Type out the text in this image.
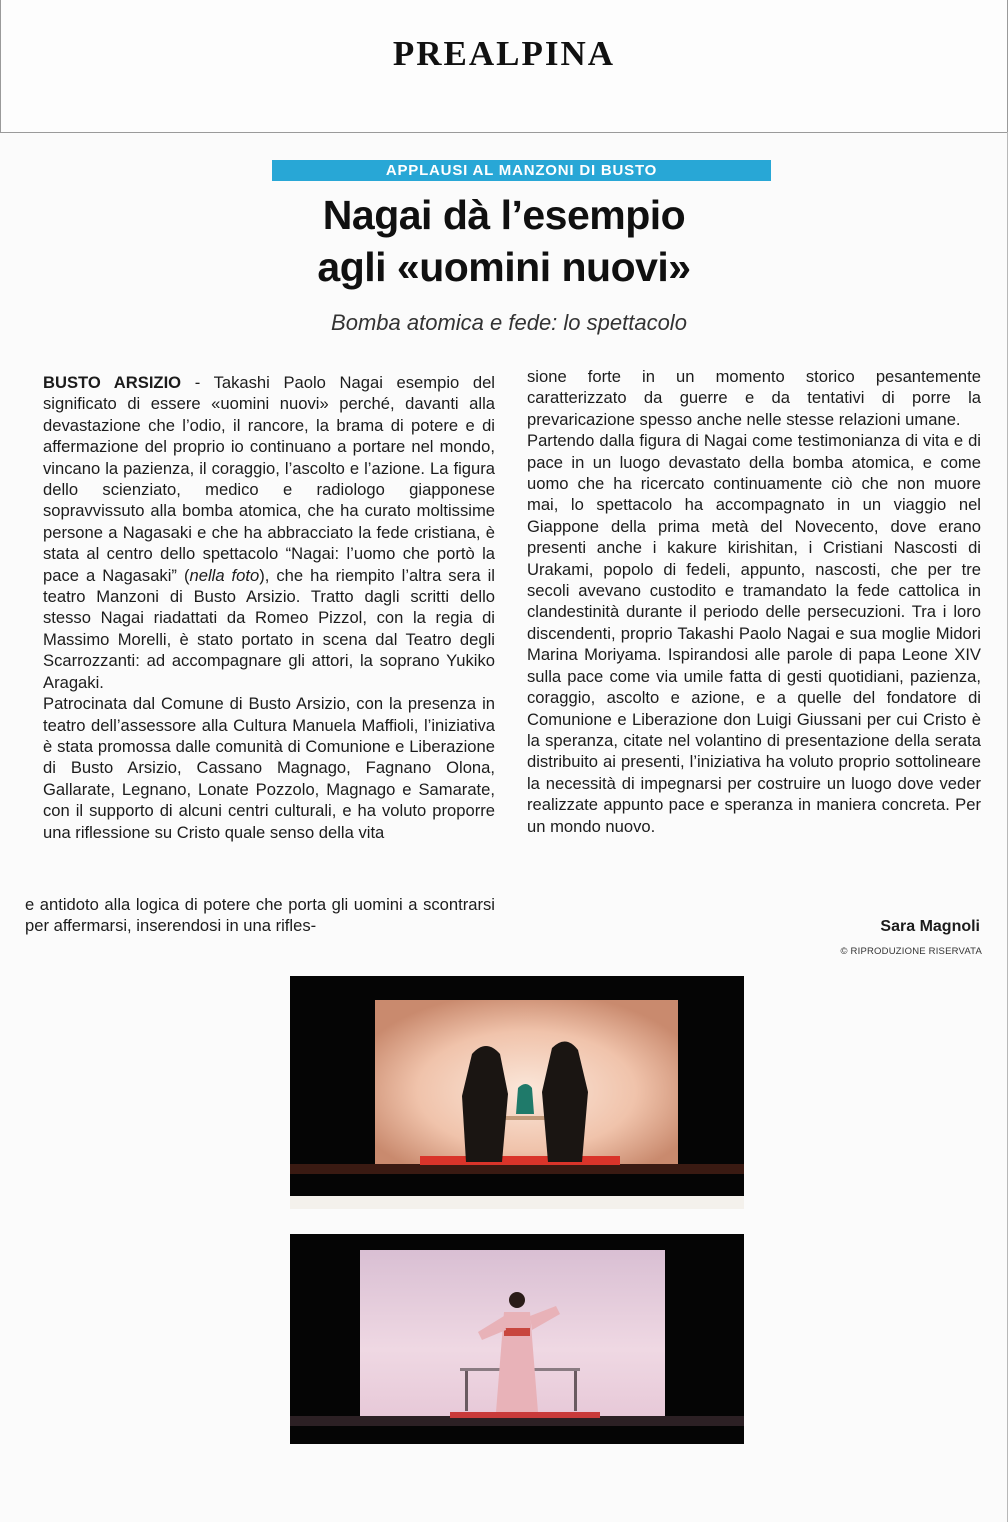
PREALPINA
APPLAUSI AL MANZONI DI BUSTO
Nagai dà l’esempio
agli «uomini nuovi»
Bomba atomica e fede: lo spettacolo

BUSTO ARSIZIO - Takashi Paolo Nagai esempio del significato di essere «uomini nuovi» perché, davanti alla devastazione che l’odio, il rancore, la brama di potere e di affermazione del proprio io continuano a portare nel mondo, vincano la pazienza, il coraggio, l’ascolto e l’azione. La figura dello scienziato, medico e radiologo giapponese sopravvissuto alla bomba atomica, che ha curato moltissime persone a Nagasaki e che ha abbracciato la fede cristiana, è stata al centro dello spettacolo “Nagai: l’uomo che portò la pace a Nagasaki” (nella foto), che ha riempito l’altra sera il teatro Manzoni di Busto Arsizio. Tratto dagli scritti dello stesso Nagai riadattati da Romeo Pizzol, con la regia di Massimo Morelli, è stato portato in scena dal Teatro degli Scarrozzanti: ad accompagnare gli attori, la soprano Yukiko Aragaki.

Patrocinata dal Comune di Busto Arsizio, con la presenza in teatro dell’assessore alla Cultura Manuela Maffioli, l’iniziativa è stata promossa dalle comunità di Comunione e Liberazione di Busto Arsizio, Cassano Magnago, Fagnano Olona, Gallarate, Legnano, Lonate Pozzolo, Magnago e Samarate, con il supporto di alcuni centri culturali, e ha voluto proporre una riflessione su Cristo quale senso della vita

e antidoto alla logica di potere che porta gli uomini a scontrarsi per affermarsi, inserendosi in una rifles-

sione forte in un momento storico pesantemente caratterizzato da guerre e da tentativi di porre la prevaricazione spesso anche nelle stesse relazioni umane.

Partendo dalla figura di Nagai come testimonianza di vita e di pace in un luogo devastato della bomba atomica, e come uomo che ha ricercato continuamente ciò che non muore mai, lo spettacolo ha accompagnato in un viaggio nel Giappone della prima metà del Novecento, dove erano presenti anche i kakure kirishitan, i Cristiani Nascosti di Urakami, popolo di fedeli, appunto, nascosti, che per tre secoli avevano custodito e tramandato la fede cattolica in clandestinità durante il periodo delle persecuzioni. Tra i loro discendenti, proprio Takashi Paolo Nagai e sua moglie Midori Marina Moriyama. Ispirandosi alle parole di papa Leone XIV sulla pace come via umile fatta di gesti quotidiani, pazienza, coraggio, ascolto e azione, e a quelle del fondatore di Comunione e Liberazione don Luigi Giussani per cui Cristo è la speranza, citate nel volantino di presentazione della serata distribuito ai presenti, l’iniziativa ha voluto proprio sottolineare la necessità di impegnarsi per costruire un luogo dove veder realizzate appunto pace e speranza in maniera concreta. Per un mondo nuovo.

Sara Magnoli
© RIPRODUZIONE RISERVATA
